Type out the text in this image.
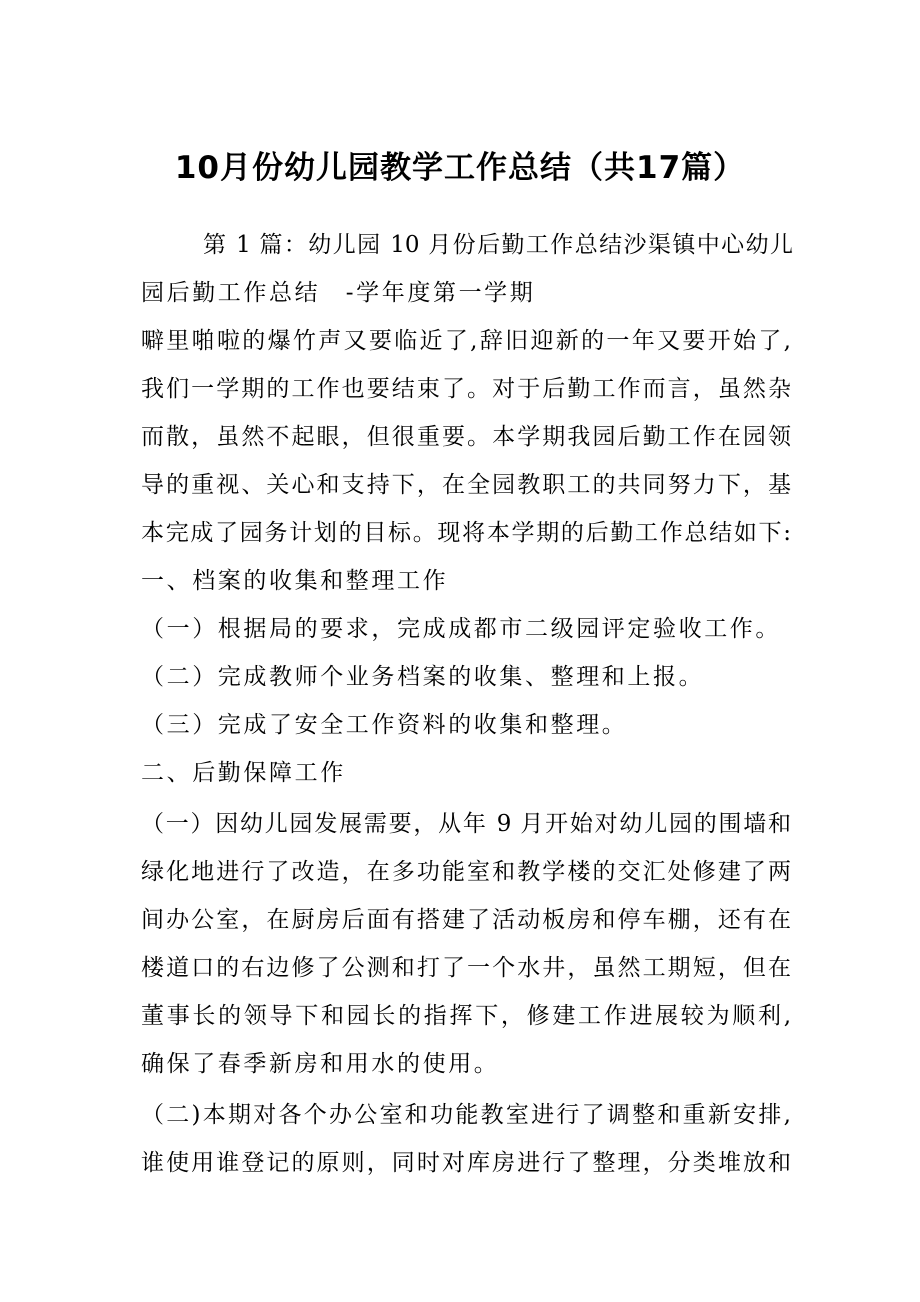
10月份幼儿园教学工作总结（共17篇）
第 1 篇：幼儿园 10 月份后勤工作总结沙渠镇中心幼儿
园后勤工作总结　-学年度第一学期
噼里啪啦的爆竹声又要临近了,辞旧迎新的一年又要开始了,
我们一学期的工作也要结束了。对于后勤工作而言，虽然杂
而散，虽然不起眼，但很重要。本学期我园后勤工作在园领
导的重视、关心和支持下，在全园教职工的共同努力下，基
本完成了园务计划的目标。现将本学期的后勤工作总结如下:
一、档案的收集和整理工作
（一）根据局的要求，完成成都市二级园评定验收工作。
（二）完成教师个业务档案的收集、整理和上报。
（三）完成了安全工作资料的收集和整理。
二、后勤保障工作
（一）因幼儿园发展需要，从年 9 月开始对幼儿园的围墙和
绿化地进行了改造，在多功能室和教学楼的交汇处修建了两
间办公室，在厨房后面有搭建了活动板房和停车棚，还有在
楼道口的右边修了公测和打了一个水井，虽然工期短，但在
董事长的领导下和园长的指挥下，修建工作进展较为顺利,
确保了春季新房和用水的使用。
（二)本期对各个办公室和功能教室进行了调整和重新安排,
谁使用谁登记的原则，同时对库房进行了整理，分类堆放和
